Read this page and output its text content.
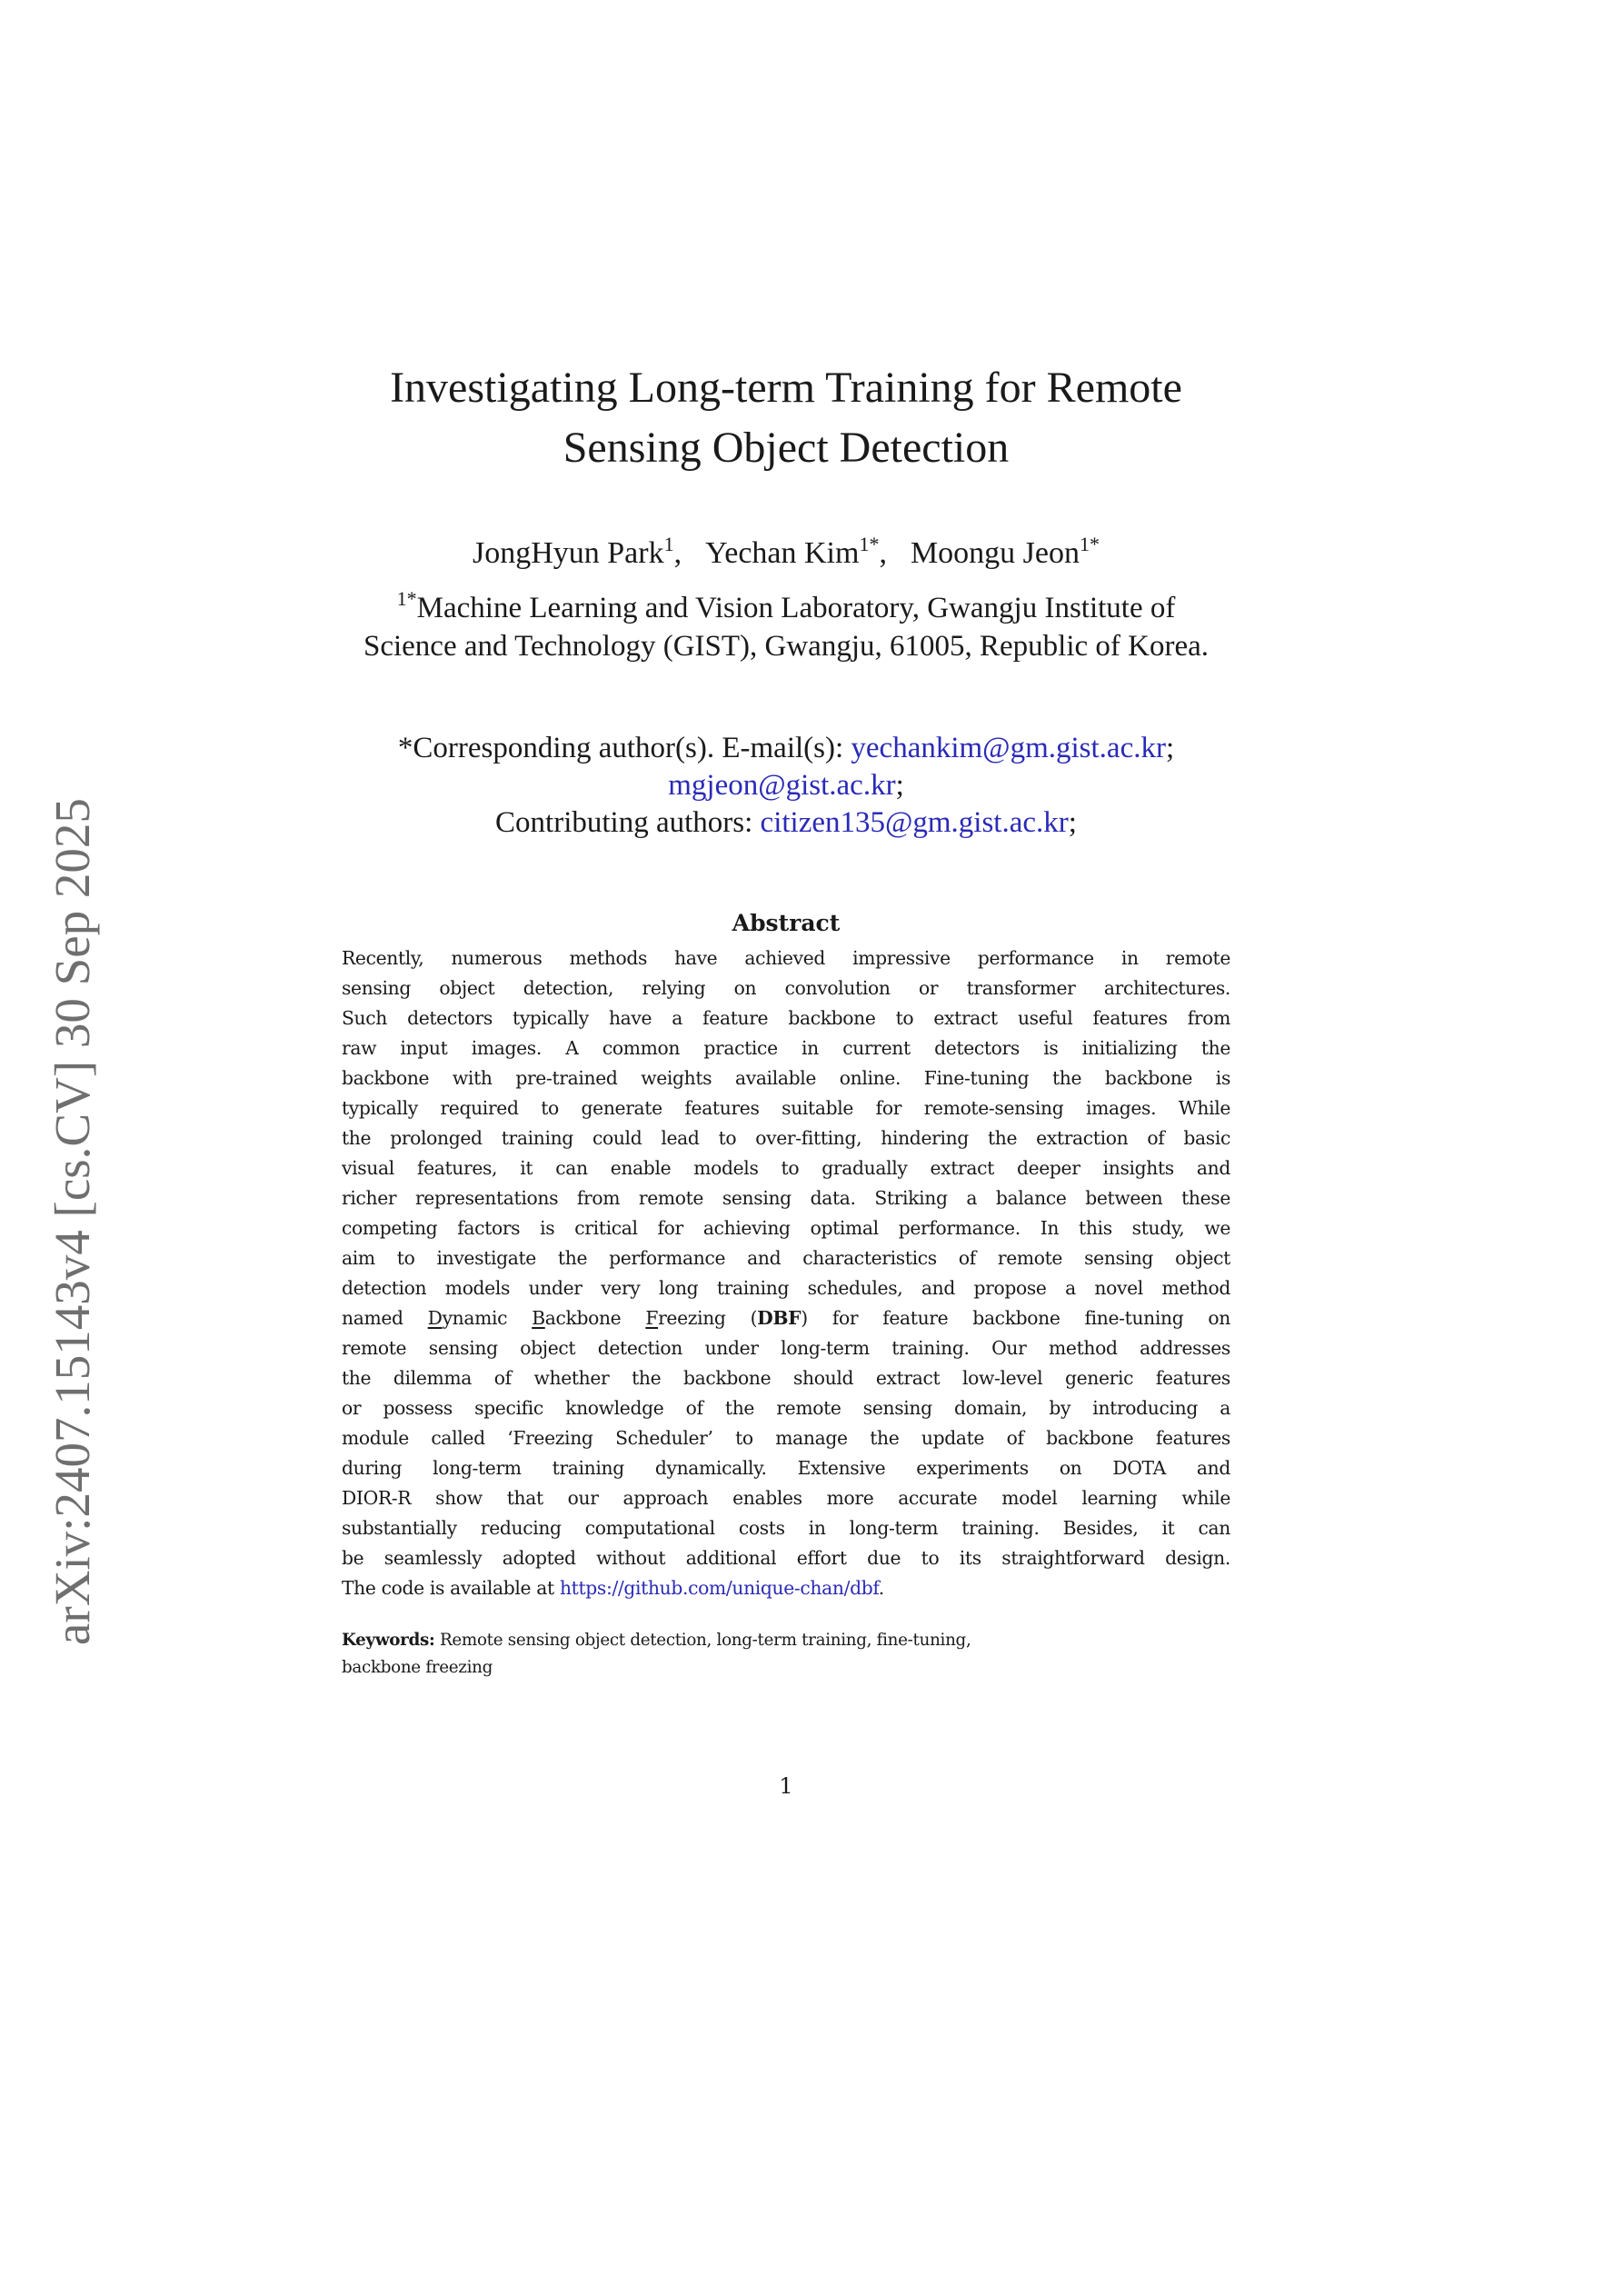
arXiv:2407.15143v4 [cs.CV] 30 Sep 2025
Investigating Long-term Training for Remote
Sensing Object Detection
JongHyun Park$^1$, Yechan Kim$^{1*}$, Moongu Jeon$^{1*}$
$^{1*}$Machine Learning and Vision Laboratory, Gwangju Institute of
Science and Technology (GIST), Gwangju, 61005, Republic of Korea.
*Corresponding author(s). E-mail(s): yechankim@gm.gist.ac.kr;
mgjeon@gist.ac.kr;
Contributing authors: citizen135@gm.gist.ac.kr;
Abstract
Recently, numerous methods have achieved impressive performance in remote
sensing object detection, relying on convolution or transformer architectures.
Such detectors typically have a feature backbone to extract useful features from
raw input images. A common practice in current detectors is initializing the
backbone with pre-trained weights available online. Fine-tuning the backbone is
typically required to generate features suitable for remote-sensing images. While
the prolonged training could lead to over-fitting, hindering the extraction of basic
visual features, it can enable models to gradually extract deeper insights and
richer representations from remote sensing data. Striking a balance between these
competing factors is critical for achieving optimal performance. In this study, we
aim to investigate the performance and characteristics of remote sensing object
detection models under very long training schedules, and propose a novel method
named Dynamic Backbone Freezing (DBF) for feature backbone fine-tuning on
remote sensing object detection under long-term training. Our method addresses
the dilemma of whether the backbone should extract low-level generic features
or possess specific knowledge of the remote sensing domain, by introducing a
module called ‘Freezing Scheduler’ to manage the update of backbone features
during long-term training dynamically. Extensive experiments on DOTA and
DIOR-R show that our approach enables more accurate model learning while
substantially reducing computational costs in long-term training. Besides, it can
be seamlessly adopted without additional effort due to its straightforward design.
The code is available at https://github.com/unique-chan/dbf.
Keywords: Remote sensing object detection, long-term training, fine-tuning,
backbone freezing
1
